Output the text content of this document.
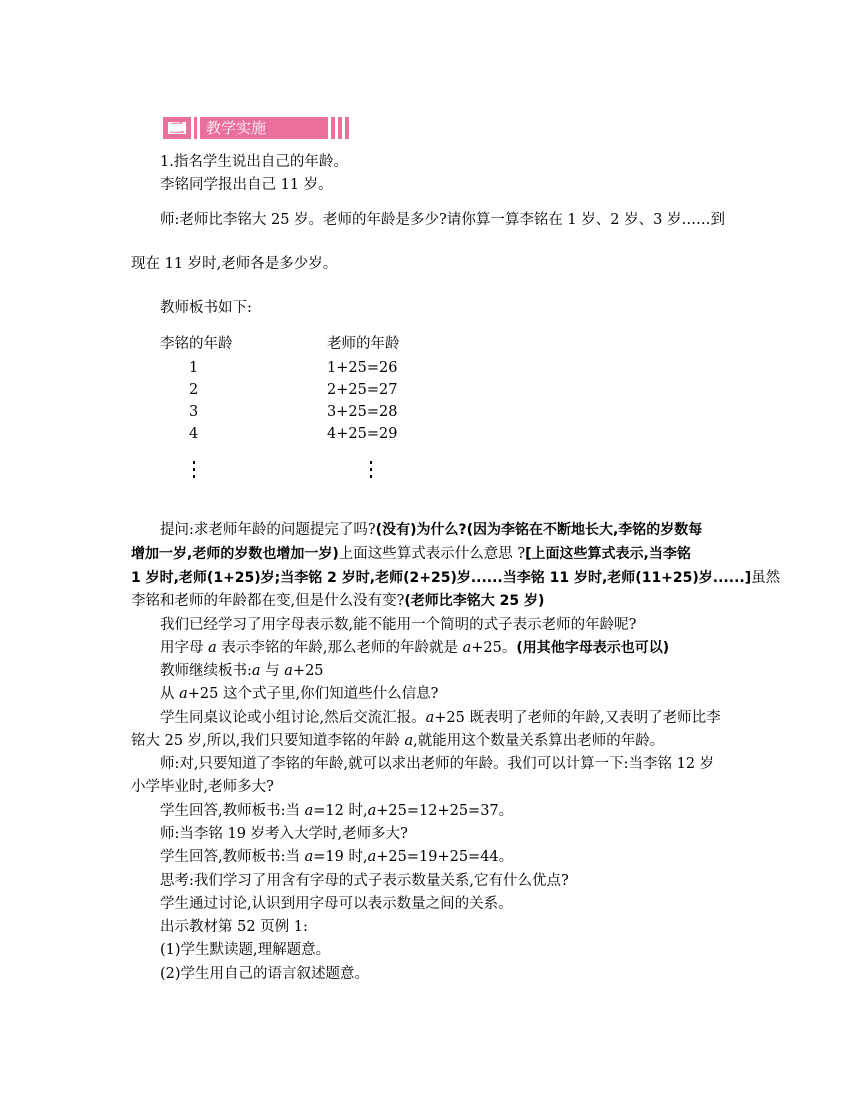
二	教学实施
1.指名学生说出自己的年龄。
李铭同学报出自己 11 岁。
师:老师比李铭大 25 岁。老师的年龄是多少?请你算一算李铭在 1 岁、2 岁、3 岁……到
现在 11 岁时,老师各是多少岁。
教师板书如下:
李铭的年龄	老师的年龄
1	1+25=26
2	2+25=27
3	3+25=28
4	4+25=29
提问:求老师年龄的问题提完了吗?(没有)为什么?(因为李铭在不断地长大,李铭的岁数每
增加一岁,老师的岁数也增加一岁)上面这些算式表示什么意思 ?[上面这些算式表示,当李铭
1 岁时,老师(1+25)岁;当李铭 2 岁时,老师(2+25)岁......当李铭 11 岁时,老师(11+25)岁......]虽然
李铭和老师的年龄都在变,但是什么没有变?(老师比李铭大 25 岁)
我们已经学习了用字母表示数,能不能用一个简明的式子表示老师的年龄呢?
用字母 a 表示李铭的年龄,那么老师的年龄就是 a+25。(用其他字母表示也可以)
教师继续板书:a 与 a+25
从 a+25 这个式子里,你们知道些什么信息?
学生同桌议论或小组讨论,然后交流汇报。a+25 既表明了老师的年龄,又表明了老师比李
铭大 25 岁,所以,我们只要知道李铭的年龄 a,就能用这个数量关系算出老师的年龄。
师:对,只要知道了李铭的年龄,就可以求出老师的年龄。我们可以计算一下:当李铭 12 岁
小学毕业时,老师多大?
学生回答,教师板书:当 a=12 时,a+25=12+25=37。
师:当李铭 19 岁考入大学时,老师多大?
学生回答,教师板书:当 a=19 时,a+25=19+25=44。
思考:我们学习了用含有字母的式子表示数量关系,它有什么优点?
学生通过讨论,认识到用字母可以表示数量之间的关系。
出示教材第 52 页例 1:
(1)学生默读题,理解题意。
(2)学生用自己的语言叙述题意。
